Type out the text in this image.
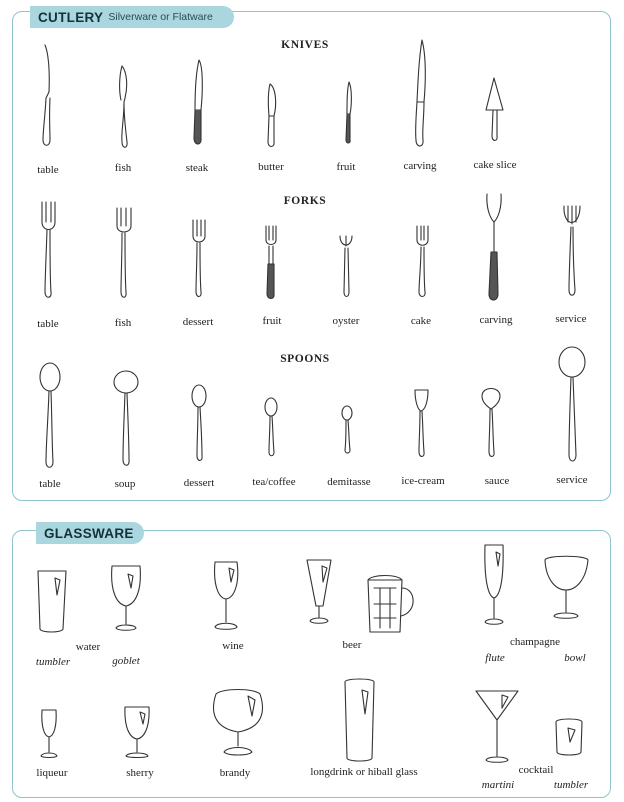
CUTLERY Silverware or Flatware
GLASSWARE
KNIVES
FORKS
SPOONS
table	fish	steak	butter	fruit	carving	cake slice
table	fish	dessert	fruit	oyster	cake	carving	service
table	soup	dessert	tea/coffee	demitasse	ice-cream	sauce	service
water
tumbler	goblet
wine	beer	champagne
flute	bowl
liqueur	sherry	brandy	longdrink or hiball glass	cocktail
martini	tumbler
